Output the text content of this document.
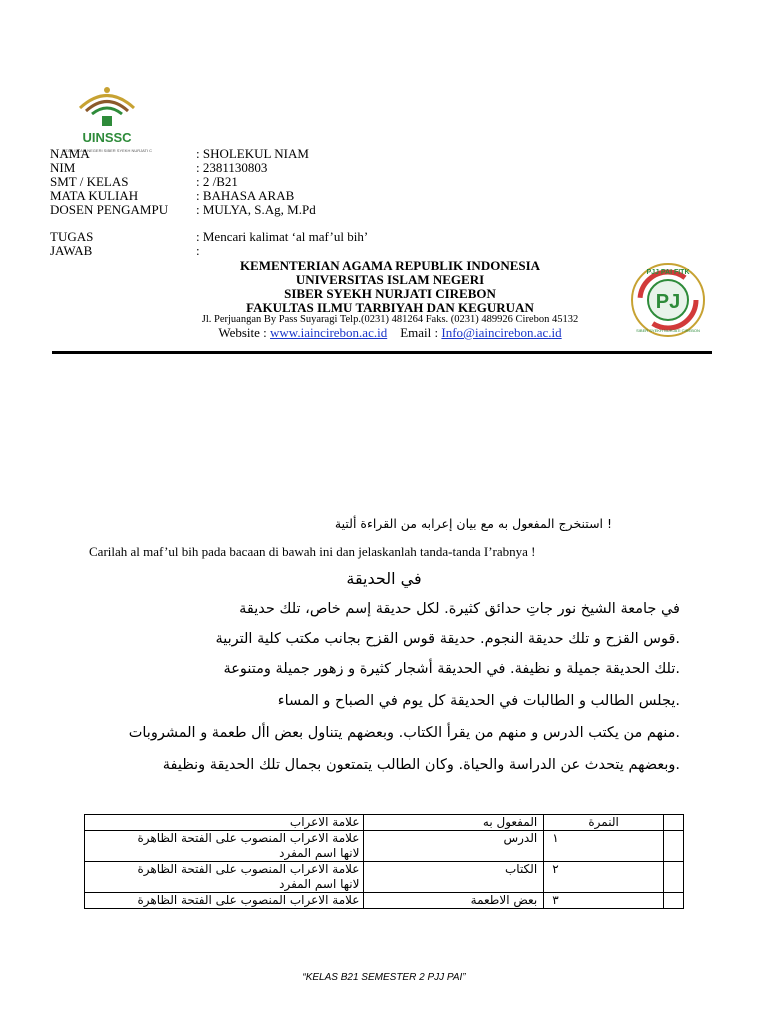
UINSSC
SITAS ISLAM NEGERI SIBER SYEKH NURJATI C
NAMA	: SHOLEKUL NIAM
NIM	: 2381130803
SMT / KELAS	: 2 /B21
MATA KULIAH	: BAHASA ARAB
DOSEN PENGAMPU : MULYA, S.Ag, M.Pd
TUGAS	: Mencari kalimat ‘al maf’ul bih’
JAWAB	:
KEMENTERIAN AGAMA REPUBLIK INDONESIA
UNIVERSITAS ISLAM NEGERI
SIBER SYEKH NURJATI CIREBON
FAKULTAS ILMU TARBIYAH DAN KEGURUAN
Jl. Perjuangan By Pass Suyaragi Telp.(0231) 481264 Faks. (0231) 489926 Cirebon 45132
Website : www.iaincirebon.ac.id    Email : Info@iaincirebon.ac.id
PJ
PJJ PAI FITK
SIBER SYEKH NURJATI CIREBON
! استنخرج المفعول به مع بيان إعرابه من القراءة ألتية
Carilah al maf’ul bih pada bacaan di bawah ini dan jelaskanlah tanda-tanda I’rabnya !
في الحديقة
في جامعة الشيخ نور جاتِ حدائق كثيرة. لكل حديقة إسم خاص، تلك حديقة
.قوس القزح و تلك حديقة النجوم. حديقة قوس القزح بجانب مكتب كلية التربية
.تلك الحديقة جميلة و نظيفة. في الحديقة أشجار كثيرة و زهور جميلة ومتنوعة
.يجلس الطالب و الطالبات في الحديقة كل يوم في الصباح و المساء
.منهم من يكتب الدرس و منهم من يقرأ الكتاب. وبعضهم يتناول بعض األ طعمة و المشروبات
.وبعضهم يتحدث عن الدراسة والحياة. وكان الطالب يتمتعون بجمال تلك الحديقة ونظيفة
علامة الاعراب	المفعول به	النمرة	

علامة الاعراب المنصوب على الفتحة الظاهرة
لانها اسم المفرد	الدرس	١	

علامة الاعراب المنصوب على الفتحة الظاهرة
لانها اسم المفرد	الكتاب	٢	

علامة الاعراب المنصوب على الفتحة الظاهرة	بعض الاطعمة	٣	
“KELAS B21 SEMESTER 2 PJJ PAI”
